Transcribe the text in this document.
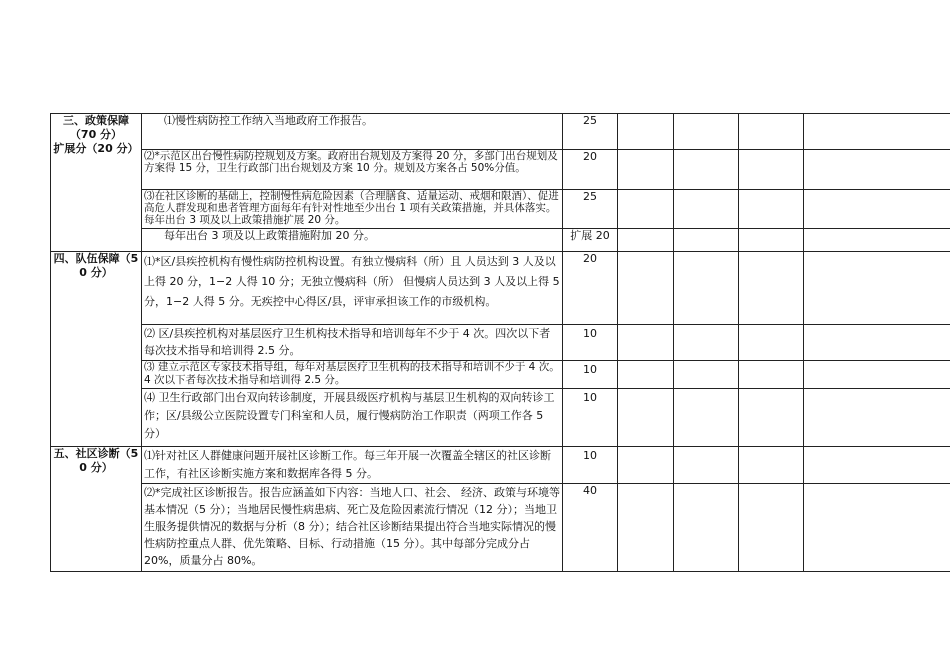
三、政策保障
（70 分）
扩展分（20 分）	⑴慢性病防控工作纳入当地政府工作报告。	25				
	⑵*示范区出台慢性病防控规划及方案。政府出台规划及方案得 20 分，多部门出台规划及方案得 15 分，卫生行政部门出台规划及方案 10 分。规划及方案各占 50%分值。	20				
	⑶在社区诊断的基础上，控制慢性病危险因素（合理膳食、适量运动、戒烟和限酒）、促进高危人群发现和患者管理方面每年有针对性地至少出台 1 项有关政策措施，并具体落实。每年出台 3 项及以上政策措施扩展 20 分。	25				

	每年出台 3 项及以上政策措施附加 20 分。	扩展 20				

四、队伍保障（5
0 分）	⑴*区/县疾控机构有慢性病防控机构设置。有独立慢病科（所）且 人员达到 3 人及以上得 20 分，1−2 人得 10 分；无独立慢病科（所） 但慢病人员达到 3 人及以上得 5 分，1−2 人得 5 分。无疾控中心得区/县，评审承担该工作的市级机构。	20				
	⑵ 区/县疾控机构对基层医疗卫生机构技术指导和培训每年不少于 4 次。四次以下者每次技术指导和培训得 2.5 分。	10				
	⑶ 建立示范区专家技术指导组，每年对基层医疗卫生机构的技术指导和培训不少于 4 次。4 次以下者每次技术指导和培训得 2.5 分。	10				
	⑷ 卫生行政部门出台双向转诊制度，开展县级医疗机构与基层卫生机构的双向转诊工作；区/县级公立医院设置专门科室和人员，履行慢病防治工作职责（两项工作各 5 分）	10				

五、社区诊断（5
0 分）	⑴针对社区人群健康问题开展社区诊断工作。每三年开展一次覆盖全辖区的社区诊断工作，有社区诊断实施方案和数据库各得 5 分。	10				
	⑵*完成社区诊断报告。报告应涵盖如下内容：当地人口、社会、 经济、政策与环境等基本情况（5 分）；当地居民慢性病患病、死亡及危险因素流行情况（12 分）；当地卫生服务提供情况的数据与分析（8 分）；结合社区诊断结果提出符合当地实际情况的慢性病防控重点人群、优先策略、目标、行动措施（15 分）。其中每部分完成分占 20%，质量分占 80%。	40				
